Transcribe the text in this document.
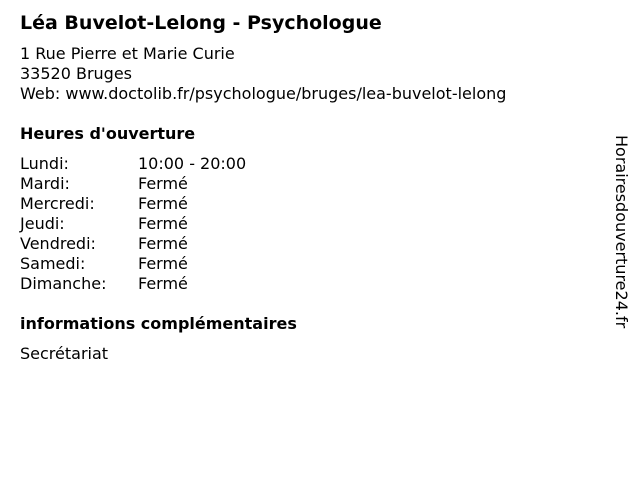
Léa Buvelot-Lelong - Psychologue
1 Rue Pierre et Marie Curie
33520 Bruges
Web: www.doctolib.fr/psychologue/bruges/lea-buvelot-lelong
Heures d'ouverture
Lundi:	10:00 - 20:00
Mardi:	Fermé
Mercredi:	Fermé
Jeudi:	Fermé
Vendredi:	Fermé
Samedi:	Fermé
Dimanche: Fermé
informations complémentaires
Secrétariat
Horairesdouverture24.fr
